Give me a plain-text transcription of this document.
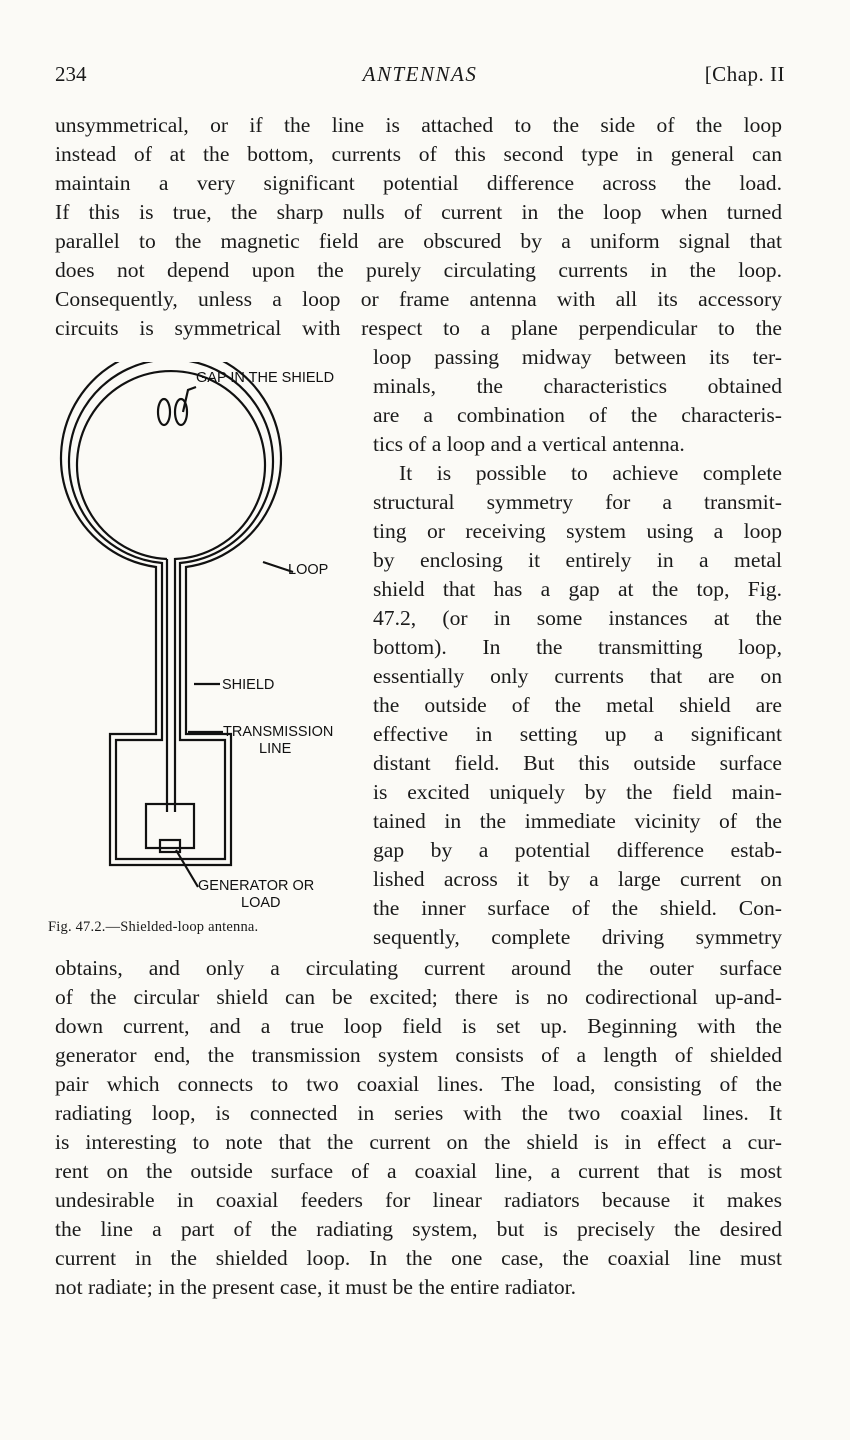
234	ANTENNAS	[Chap. II
unsymmetrical, or if the line is attached to the side of the loop
instead of at the bottom, currents of this second type in general can
maintain a very significant potential difference across the load.
If this is true, the sharp nulls of current in the loop when turned
parallel to the magnetic field are obscured by a uniform signal that
does not depend upon the purely circulating currents in the loop.
Consequently, unless a loop or frame antenna with all its accessory
circuits is symmetrical with respect to a plane perpendicular to the
loop passing midway between its ter-
minals, the characteristics obtained
are a combination of the characteris-
tics of a loop and a vertical antenna.
It is possible to achieve complete
structural symmetry for a transmit-
ting or receiving system using a loop
by enclosing it entirely in a metal
shield that has a gap at the top, Fig.
47.2, (or in some instances at the
bottom). In the transmitting loop,
essentially only currents that are on
the outside of the metal shield are
effective in setting up a significant
distant field. But this outside surface
is excited uniquely by the field main-
tained in the immediate vicinity of the
gap by a potential difference estab-
lished across it by a large current on
the inner surface of the shield. Con-
sequently, complete driving symmetry
obtains, and only a circulating current around the outer surface
of the circular shield can be excited; there is no codirectional up-and-
down current, and a true loop field is set up. Beginning with the
generator end, the transmission system consists of a length of shielded
pair which connects to two coaxial lines. The load, consisting of the
radiating loop, is connected in series with the two coaxial lines. It
is interesting to note that the current on the shield is in effect a cur-
rent on the outside surface of a coaxial line, a current that is most
undesirable in coaxial feeders for linear radiators because it makes
the line a part of the radiating system, but is precisely the desired
current in the shielded loop. In the one case, the coaxial line must
not radiate; in the present case, it must be the entire radiator.
GAP IN THE SHIELD
LOOP
SHIELD
TRANSMISSION
LINE
GENERATOR OR
LOAD
Fig. 47.2.—Shielded-loop antenna.
